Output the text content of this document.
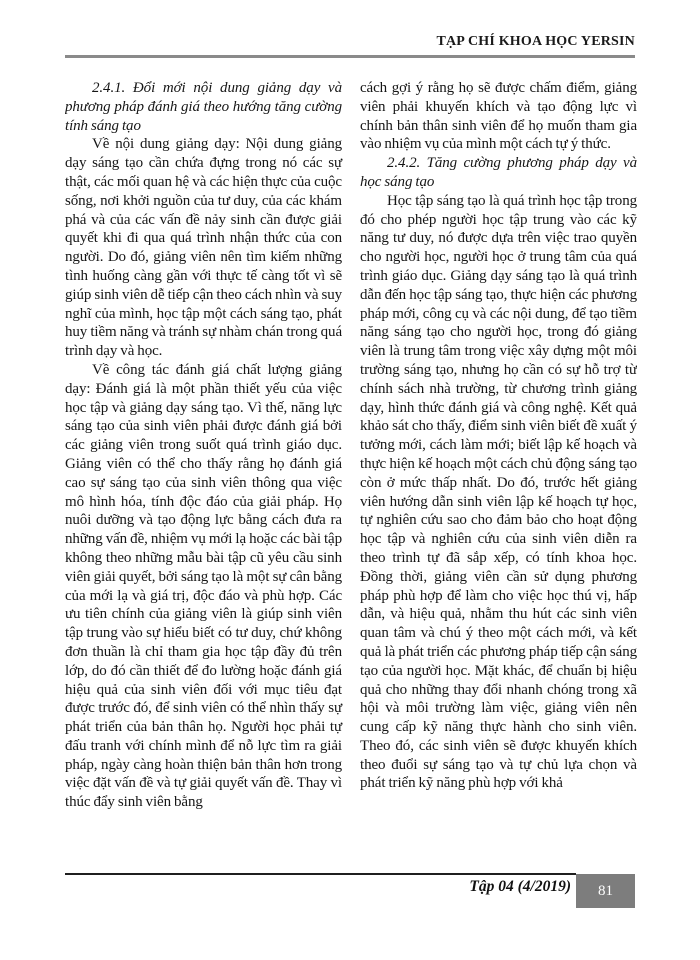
TẠP CHÍ KHOA HỌC YERSIN

2.4.1. Đổi mới nội dung giảng dạy và phương pháp đánh giá theo hướng tăng cường tính sáng tạo

Về nội dung giảng dạy: Nội dung giảng dạy sáng tạo cần chứa đựng trong nó các sự thật, các mối quan hệ và các hiện thực của cuộc sống, nơi khởi nguồn của tư duy, của các khám phá và của các vấn đề nảy sinh cần được giải quyết khi đi qua quá trình nhận thức của con người. Do đó, giảng viên nên tìm kiếm những tình huống càng gần với thực tế càng tốt vì sẽ giúp sinh viên dễ tiếp cận theo cách nhìn và suy nghĩ của mình, học tập một cách sáng tạo, phát huy tiềm năng và tránh sự nhàm chán trong quá trình dạy và học.

Về công tác đánh giá chất lượng giảng dạy: Đánh giá là một phần thiết yếu của việc học tập và giảng dạy sáng tạo. Vì thế, năng lực sáng tạo của sinh viên phải được đánh giá bởi các giảng viên trong suốt quá trình giáo dục. Giảng viên có thể cho thấy rằng họ đánh giá cao sự sáng tạo của sinh viên thông qua việc mô hình hóa, tính độc đáo của giải pháp. Họ nuôi dưỡng và tạo động lực bằng cách đưa ra những vấn đề, nhiệm vụ mới lạ hoặc các bài tập không theo những mẫu bài tập cũ yêu cầu sinh viên giải quyết, bởi sáng tạo là một sự cân bằng của mới lạ và giá trị, độc đáo và phù hợp. Các ưu tiên chính của giảng viên là giúp sinh viên tập trung vào sự hiểu biết có tư duy, chứ không đơn thuần là chỉ tham gia học tập đầy đủ trên lớp, do đó cần thiết để đo lường hoặc đánh giá hiệu quả của sinh viên đối với mục tiêu đạt được trước đó, để sinh viên có thể nhìn thấy sự phát triển của bản thân họ. Người học phải tự đấu tranh với chính mình để nỗ lực tìm ra giải pháp, ngày càng hoàn thiện bản thân hơn trong việc đặt vấn đề và tự giải quyết vấn đề. Thay vì thúc đẩy sinh viên bằng

cách gợi ý rằng họ sẽ được chấm điểm, giảng viên phải khuyến khích và tạo động lực vì chính bản thân sinh viên để họ muốn tham gia vào nhiệm vụ của mình một cách tự ý thức.

2.4.2. Tăng cường phương pháp dạy và học sáng tạo

Học tập sáng tạo là quá trình học tập trong đó cho phép người học tập trung vào các kỹ năng tư duy, nó được dựa trên việc trao quyền cho người học, người học ở trung tâm của quá trình giáo dục. Giảng dạy sáng tạo là quá trình dẫn đến học tập sáng tạo, thực hiện các phương pháp mới, công cụ và các nội dung, để tạo tiềm năng sáng tạo cho người học, trong đó giảng viên là trung tâm trong việc xây dựng một môi trường sáng tạo, nhưng họ cần có sự hỗ trợ từ chính sách nhà trường, từ chương trình giảng dạy, hình thức đánh giá và công nghệ. Kết quả khảo sát cho thấy, điểm sinh viên biết đề xuất ý tưởng mới, cách làm mới; biết lập kế hoạch và thực hiện kế hoạch một cách chủ động sáng tạo còn ở mức thấp nhất. Do đó, trước hết giảng viên hướng dẫn sinh viên lập kế hoạch tự học, tự nghiên cứu sao cho đảm bảo cho hoạt động học tập và nghiên cứu của sinh viên diễn ra theo trình tự đã sắp xếp, có tính khoa học. Đồng thời, giảng viên cần sử dụng phương pháp phù hợp để làm cho việc học thú vị, hấp dẫn, và hiệu quả, nhằm thu hút các sinh viên quan tâm và chú ý theo một cách mới, và kết quả là phát triển các phương pháp tiếp cận sáng tạo của người học. Mặt khác, để chuẩn bị hiệu quả cho những thay đổi nhanh chóng trong xã hội và môi trường làm việc, giảng viên nên cung cấp kỹ năng thực hành cho sinh viên. Theo đó, các sinh viên sẽ được khuyến khích theo đuổi sự sáng tạo và tự chủ lựa chọn và phát triển kỹ năng phù hợp với khả

Tập 04 (4/2019)	81
